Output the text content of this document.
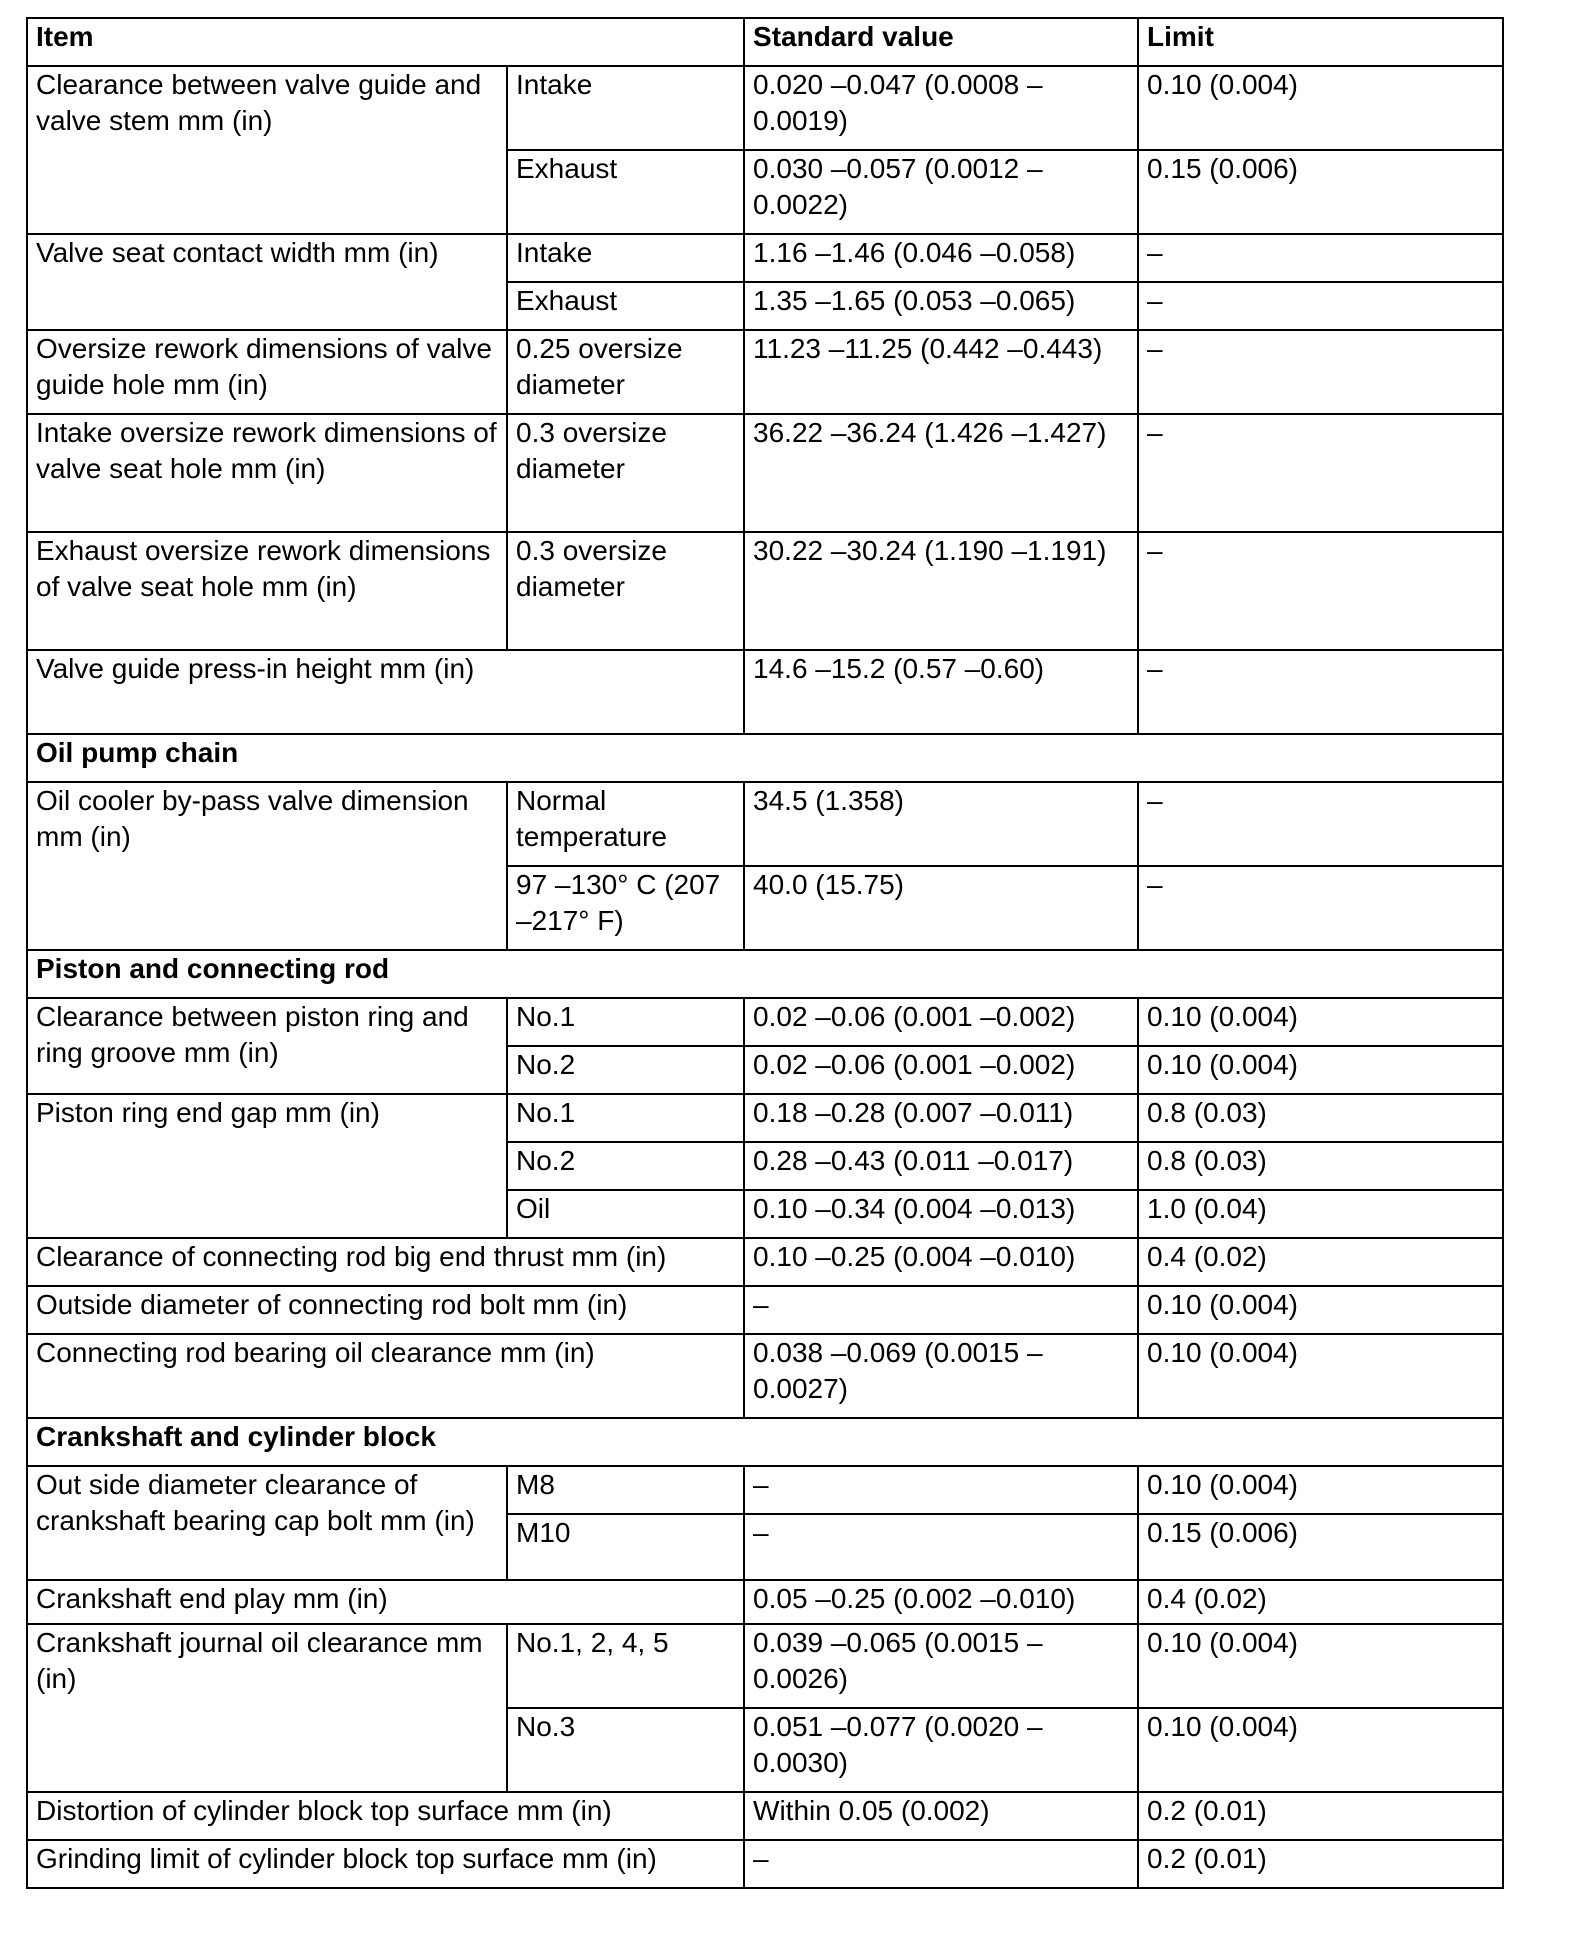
Item		Standard value	Limit
Clearance between valve guide and valve stem mm (in)	Intake	0.020 –0.047 (0.0008 –0.0019)	0.10 (0.004)
	Exhaust	0.030 –0.057 (0.0012 –0.0022)	0.15 (0.006)
Valve seat contact width mm (in)	Intake	1.16 –1.46 (0.046 –0.058)	–
	Exhaust	1.35 –1.65 (0.053 –0.065)	–
Oversize rework dimensions of valve guide hole mm (in)	0.25 oversize diameter	11.23 –11.25 (0.442 –0.443)	–
Intake oversize rework dimensions of valve seat hole mm (in)	0.3 oversize diameter	36.22 –36.24 (1.426 –1.427)	–
Exhaust oversize rework dimensions of valve seat hole mm (in)	0.3 oversize diameter	30.22 –30.24 (1.190 –1.191)	–
Valve guide press-in height mm (in)		14.6 –15.2 (0.57 –0.60)	–
Oil pump chain			
Oil cooler by-pass valve dimension mm (in)	Normal temperature	34.5 (1.358)	–
	97 –130° C (207 –217° F)	40.0 (15.75)	–
Piston and connecting rod			
Clearance between piston ring and ring groove mm (in)	No.1	0.02 –0.06 (0.001 –0.002)	0.10 (0.004)
	No.2	0.02 –0.06 (0.001 –0.002)	0.10 (0.004)
Piston ring end gap mm (in)	No.1	0.18 –0.28 (0.007 –0.011)	0.8 (0.03)
	No.2	0.28 –0.43 (0.011 –0.017)	0.8 (0.03)
	Oil	0.10 –0.34 (0.004 –0.013)	1.0 (0.04)
Clearance of connecting rod big end thrust mm (in)		0.10 –0.25 (0.004 –0.010)	0.4 (0.02)
Outside diameter of connecting rod bolt mm (in)		–	0.10 (0.004)
Connecting rod bearing oil clearance mm (in)		0.038 –0.069 (0.0015 –0.0027)	0.10 (0.004)
Crankshaft and cylinder block			
Out side diameter clearance of crankshaft bearing cap bolt mm (in)	M8	–	0.10 (0.004)
	M10	–	0.15 (0.006)
Crankshaft end play mm (in)		0.05 –0.25 (0.002 –0.010)	0.4 (0.02)
Crankshaft journal oil clearance mm (in)	No.1, 2, 4, 5	0.039 –0.065 (0.0015 –0.0026)	0.10 (0.004)
	No.3	0.051 –0.077 (0.0020 –0.0030)	0.10 (0.004)
Distortion of cylinder block top surface mm (in)		Within 0.05 (0.002)	0.2 (0.01)
Grinding limit of cylinder block top surface mm (in)		–	0.2 (0.01)
